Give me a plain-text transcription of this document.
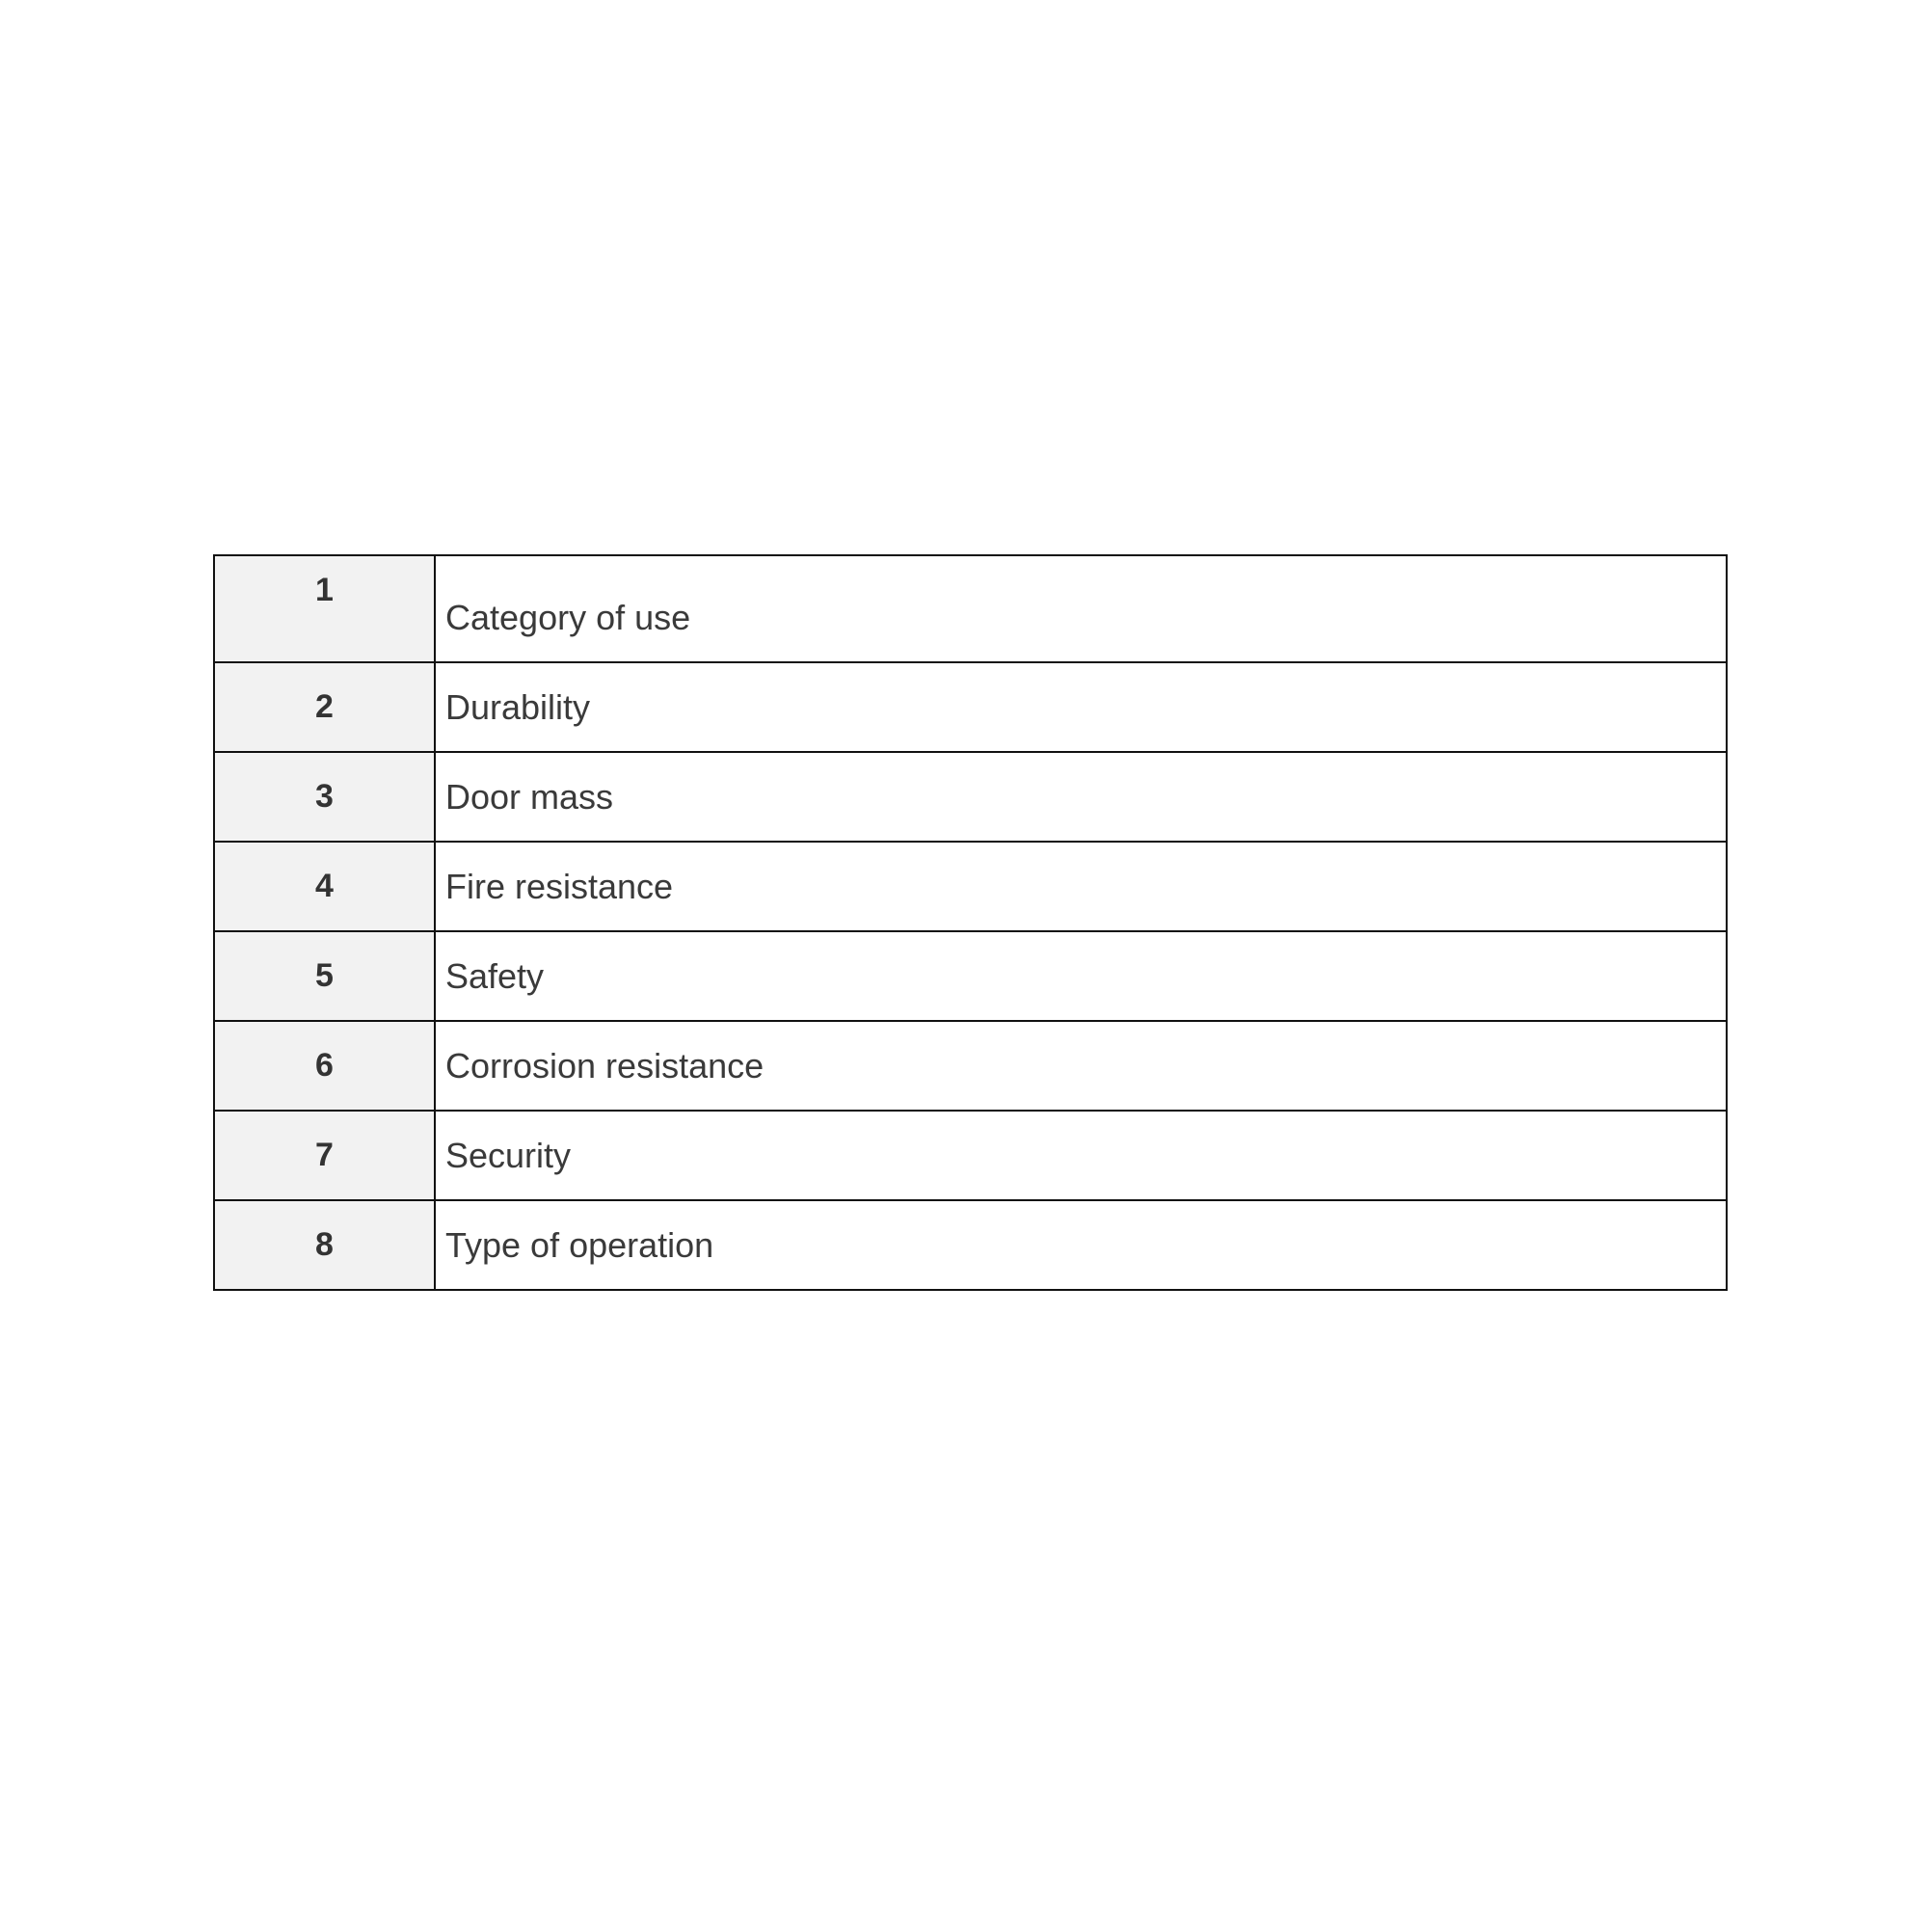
1	Category of use
2	Durability
3	Door mass
4	Fire resistance
5	Safety
6	Corrosion resistance
7	Security
8	Type of operation
